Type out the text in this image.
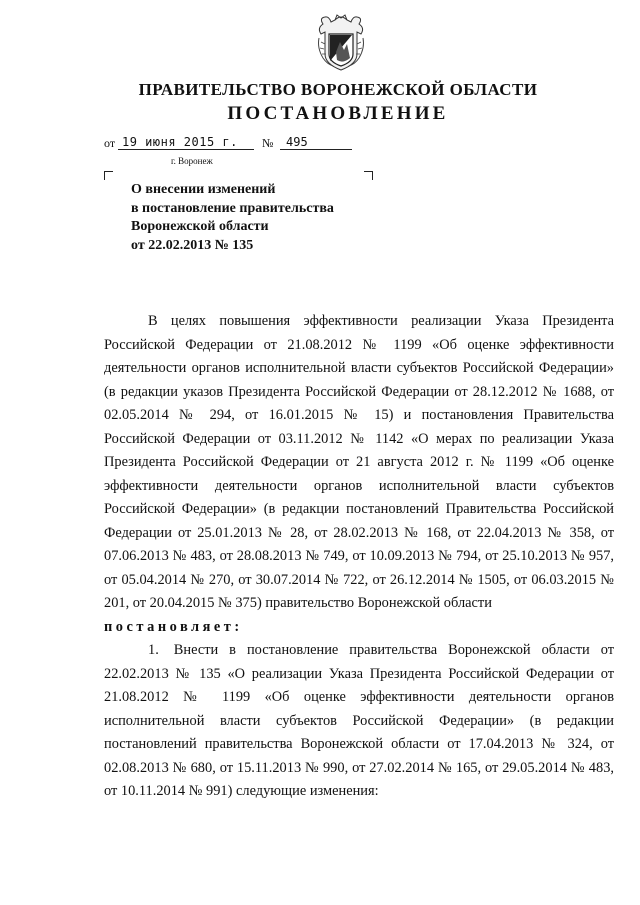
ПРАВИТЕЛЬСТВО ВОРОНЕЖСКОЙ ОБЛАСТИ
ПОСТАНОВЛЕНИЕ
от 19 июня 2015 г.	№	495
г. Воронеж
О внесении изменений
в постановление правительства
Воронежской области
от 22.02.2013 № 135

В целях повышения эффективности реализации Указа Президента Российской Федерации от 21.08.2012 № 1199 «Об оценке эффективности деятельности органов исполнительной власти субъектов Российской Федерации» (в редакции указов Президента Российской Федерации от 28.12.2012 № 1688, от 02.05.2014 № 294, от 16.01.2015 № 15) и постановления Правительства Российской Федерации от 03.11.2012 № 1142 «О мерах по реализации Указа Президента Российской Федерации от 21 августа 2012 г. № 1199 «Об оценке эффективности деятельности органов исполнительной власти субъектов Российской Федерации» (в редакции постановлений Правительства Российской Федерации от 25.01.2013 № 28, от 28.02.2013 № 168, от 22.04.2013 № 358, от 07.06.2013 № 483, от 28.08.2013 № 749, от 10.09.2013 № 794, от 25.10.2013 № 957, от 05.04.2014 № 270, от 30.07.2014 № 722, от 26.12.2014 № 1505, от 06.03.2015 № 201, от 20.04.2015 № 375) правительство Воронежской области
постановляет:

1. Внести в постановление правительства Воронежской области от 22.02.2013 № 135 «О реализации Указа Президента Российской Федерации от 21.08.2012 № 1199 «Об оценке эффективности деятельности органов исполнительной власти субъектов Российской Федерации» (в редакции постановлений правительства Воронежской области от 17.04.2013 № 324, от 02.08.2013 № 680, от 15.11.2013 № 990, от 27.02.2014 № 165, от 29.05.2014 № 483, от 10.11.2014 № 991) следующие изменения:
